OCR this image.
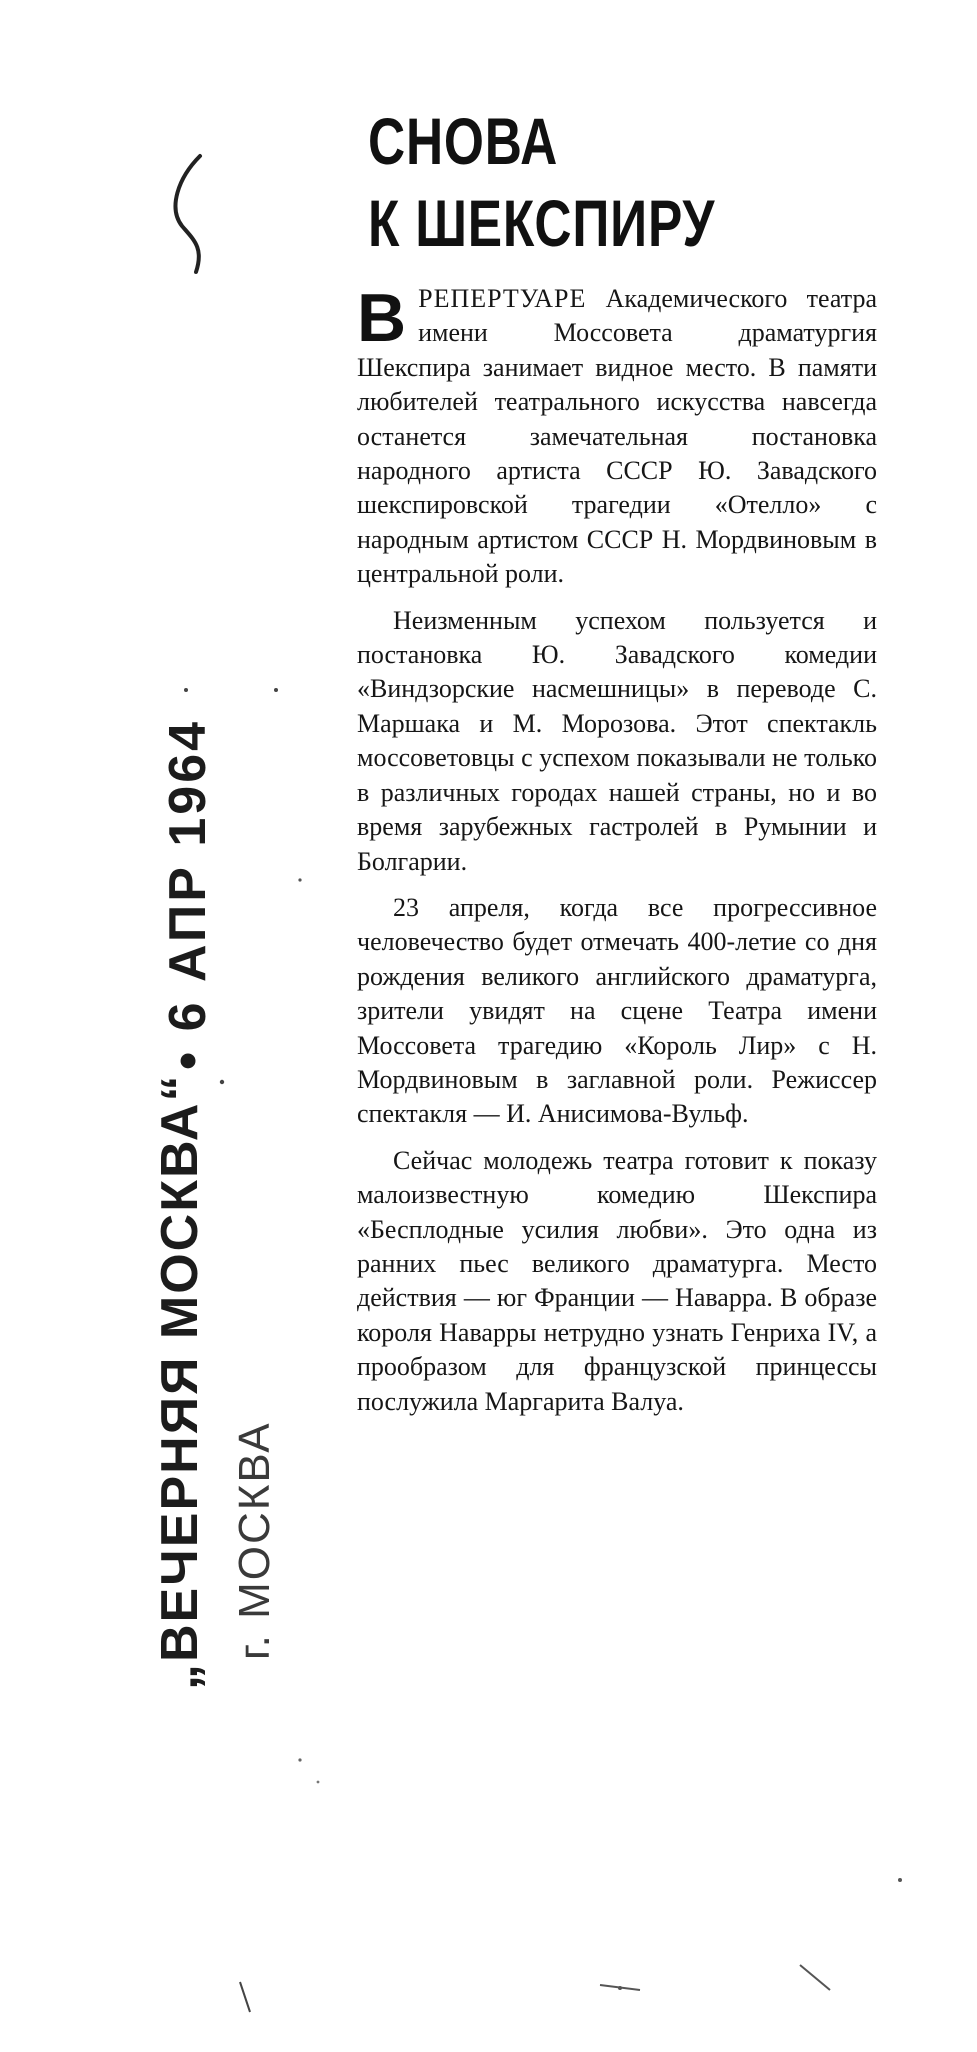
СНОВА
К ШЕКСПИРУ

ВРЕПЕРТУАРЕ Академического театра имени Моссовета драматургия Шекспира занимает видное место. В памяти любителей театрального искусства навсегда останется замечательная постановка народного артиста СССР Ю. Завадского шекспировской трагедии «Отелло» с народным артистом СССР Н. Мордвиновым в центральной роли.

Неизменным успехом пользуется и постановка Ю. Завадского комедии «Виндзорские насмешницы» в переводе С. Маршака и М. Морозова. Этот спектакль моссоветовцы с успехом показывали не только в различных городах нашей страны, но и во время зарубежных гастролей в Румынии и Болгарии.

23 апреля, когда все прогрессивное человечество будет отмечать 400-летие со дня рождения великого английского драматурга, зрители увидят на сцене Театра имени Моссовета трагедию «Король Лир» с Н. Мордвиновым в заглавной роли. Режиссер спектакля — И. Анисимова-Вульф.

Сейчас молодежь театра готовит к показу малоизвестную комедию Шекспира «Бесплодные усилия любви». Это одна из ранних пьес великого драматурга. Место действия — юг Франции — Наварра. В образе короля Наварры нетрудно узнать Генриха IV, а прообразом для французской принцессы послужила Маргарита Валуа.

„ВЕЧЕРНЯЯ МОСКВА“
• 6 АПР 1964
г. МОСКВА
